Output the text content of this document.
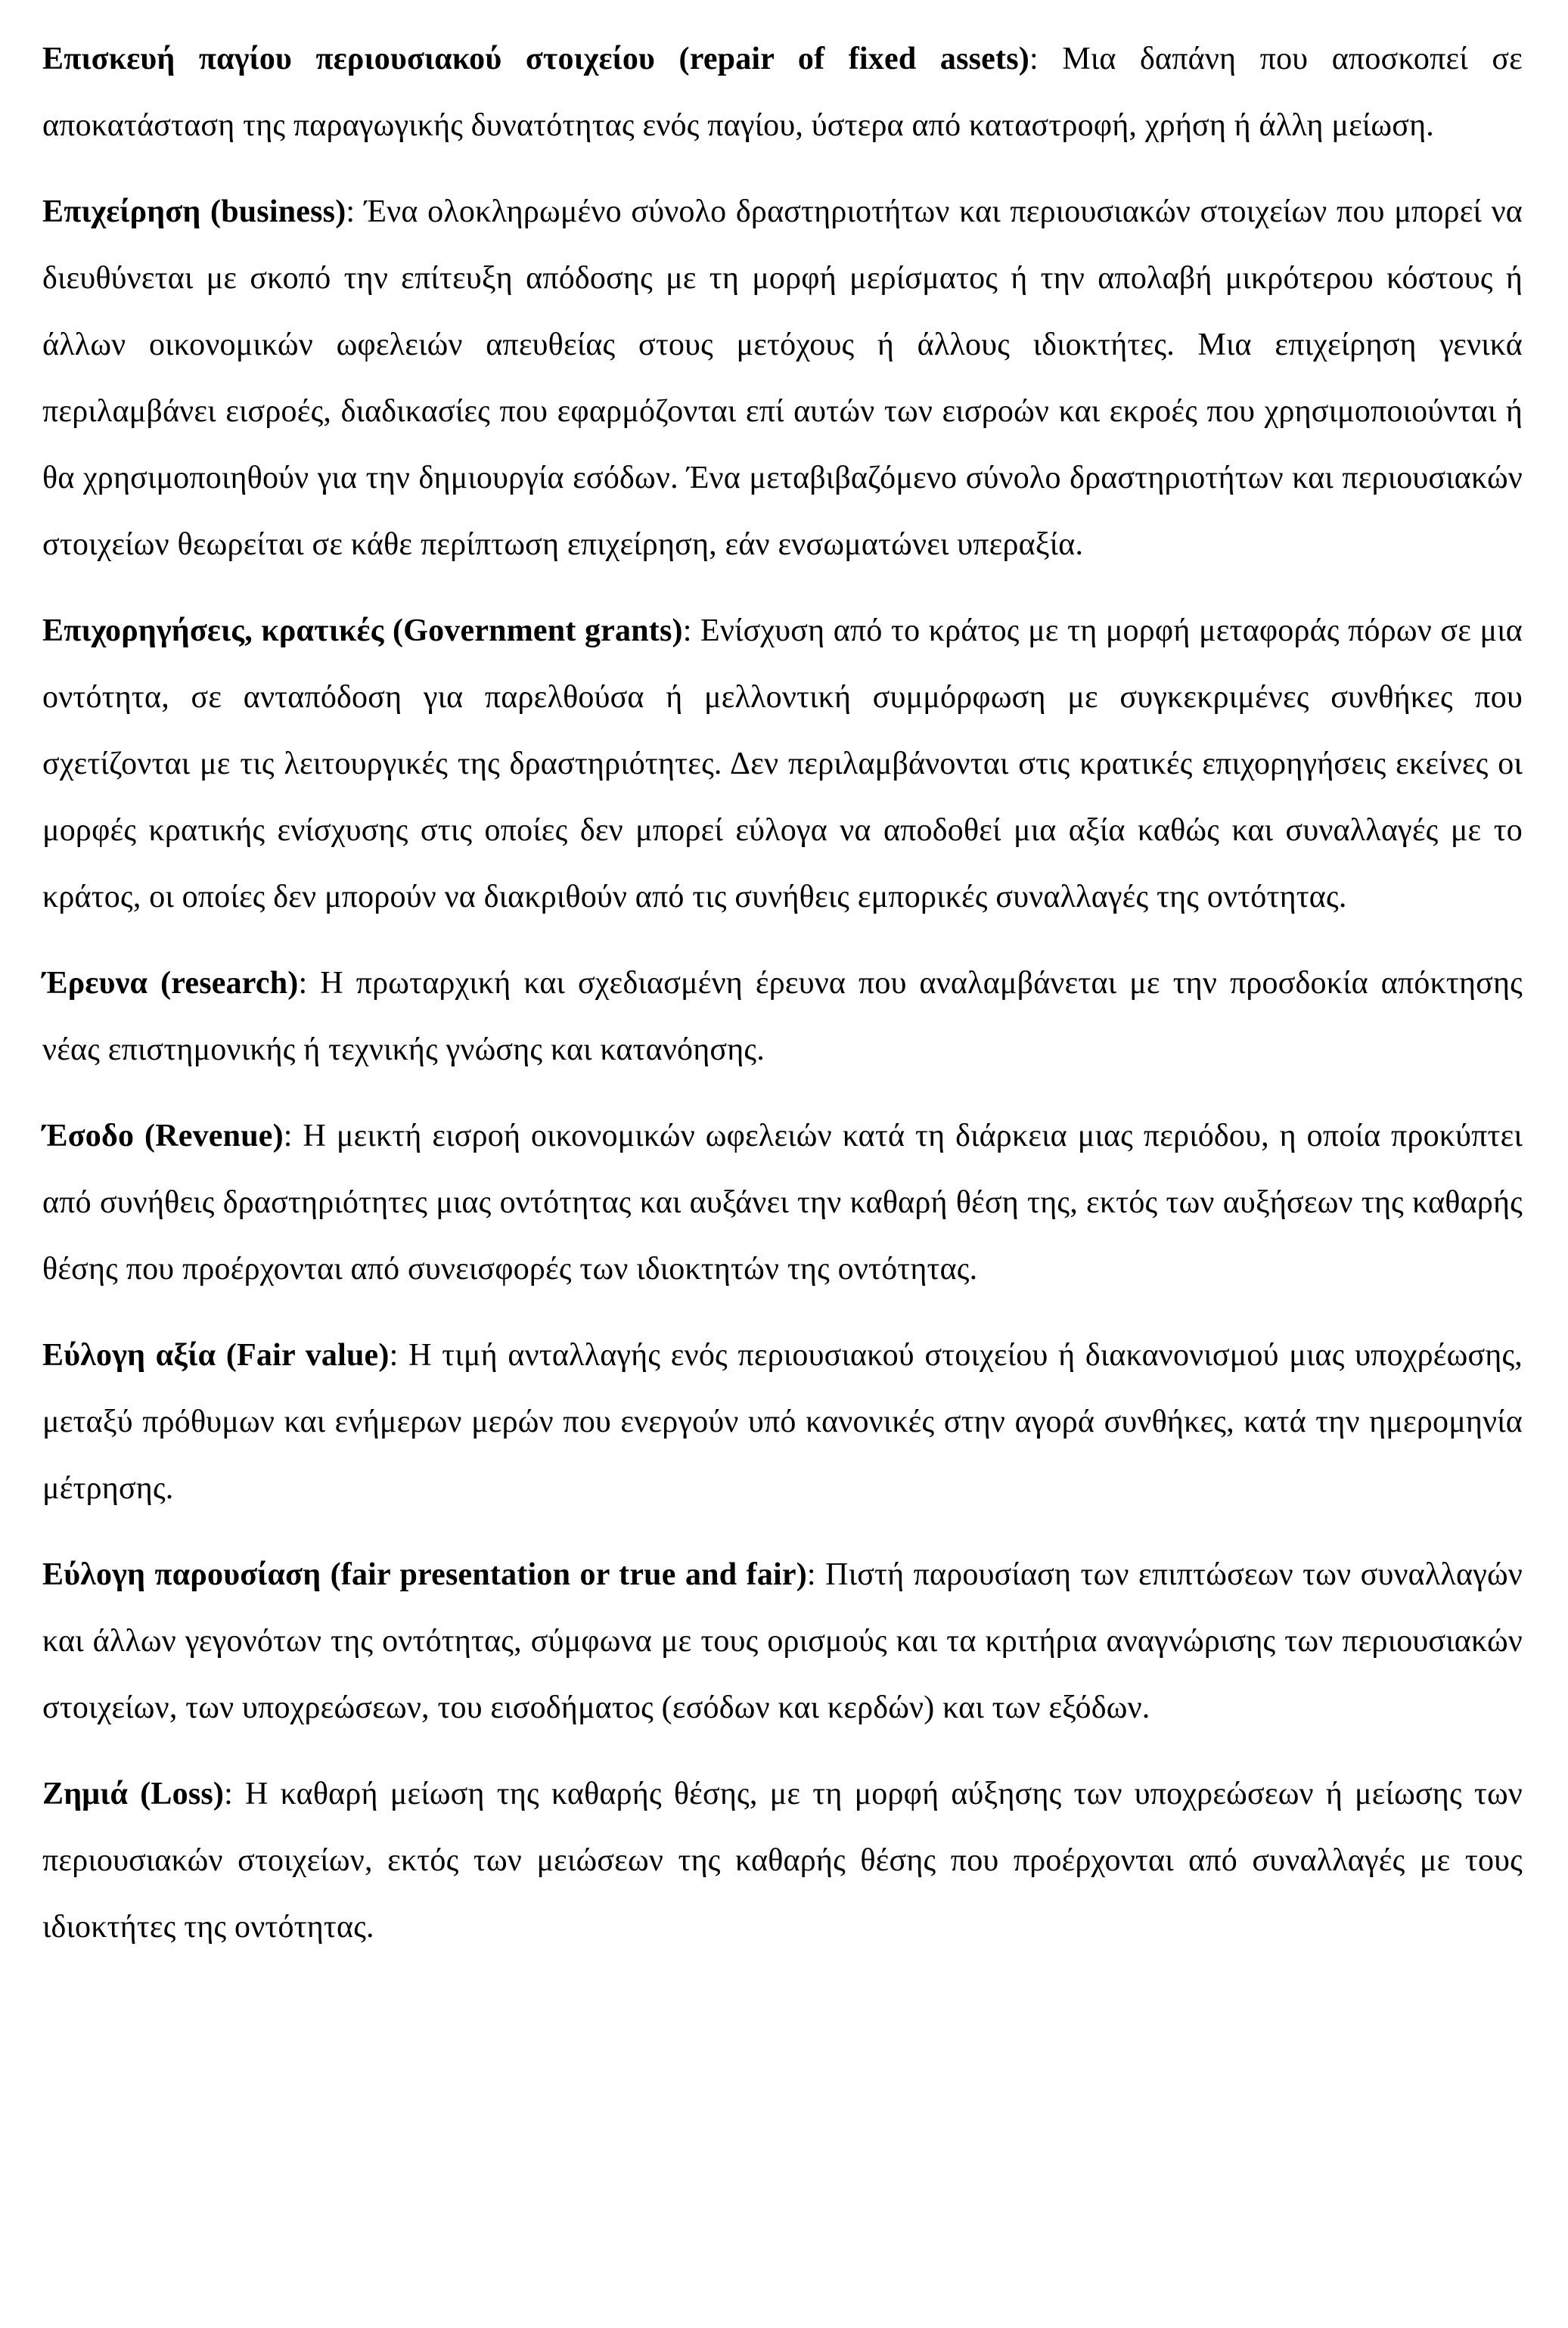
Επισκευή παγίου περιουσιακού στοιχείου (repair of fixed assets): Μια δαπάνη που αποσκοπεί σε αποκατάσταση της παραγωγικής δυνατότητας ενός παγίου, ύστερα από καταστροφή, χρήση ή άλλη μείωση.

Επιχείρηση (business): Ένα ολοκληρωμένο σύνολο δραστηριοτήτων και περιουσιακών στοιχείων που μπορεί να διευθύνεται με σκοπό την επίτευξη απόδοσης με τη μορφή μερίσματος ή την απολαβή μικρότερου κόστους ή άλλων οικονομικών ωφελειών απευθείας στους μετόχους ή άλλους ιδιοκτήτες. Μια επιχείρηση γενικά περιλαμβάνει εισροές, διαδικασίες που εφαρμόζονται επί αυτών των εισροών και εκροές που χρησιμοποιούνται ή θα χρησιμοποιηθούν για την δημιουργία εσόδων. Ένα μεταβιβαζόμενο σύνολο δραστηριοτήτων και περιουσιακών στοιχείων θεωρείται σε κάθε περίπτωση επιχείρηση, εάν ενσωματώνει υπεραξία.

Επιχορηγήσεις, κρατικές (Government grants): Ενίσχυση από το κράτος με τη μορφή μεταφοράς πόρων σε μια οντότητα, σε ανταπόδοση για παρελθούσα ή μελλοντική συμμόρφωση με συγκεκριμένες συνθήκες που σχετίζονται με τις λειτουργικές της δραστηριότητες. Δεν περιλαμβάνονται στις κρατικές επιχορηγήσεις εκείνες οι μορφές κρατικής ενίσχυσης στις οποίες δεν μπορεί εύλογα να αποδοθεί μια αξία καθώς και συναλλαγές με το κράτος, οι οποίες δεν μπορούν να διακριθούν από τις συνήθεις εμπορικές συναλλαγές της οντότητας.

Έρευνα (research): Η πρωταρχική και σχεδιασμένη έρευνα που αναλαμβάνεται με την προσδοκία απόκτησης νέας επιστημονικής ή τεχνικής γνώσης και κατανόησης.

Έσοδο (Revenue): Η μεικτή εισροή οικονομικών ωφελειών κατά τη διάρκεια μιας περιόδου, η οποία προκύπτει από συνήθεις δραστηριότητες μιας οντότητας και αυξάνει την καθαρή θέση της, εκτός των αυξήσεων της καθαρής θέσης που προέρχονται από συνεισφορές των ιδιοκτητών της οντότητας.

Εύλογη αξία (Fair value): Η τιμή ανταλλαγής ενός περιουσιακού στοιχείου ή διακανονισμού μιας υποχρέωσης, μεταξύ πρόθυμων και ενήμερων μερών που ενεργούν υπό κανονικές στην αγορά συνθήκες, κατά την ημερομηνία μέτρησης.

Εύλογη παρουσίαση (fair presentation or true and fair): Πιστή παρουσίαση των επιπτώσεων των συναλλαγών και άλλων γεγονότων της οντότητας, σύμφωνα με τους ορισμούς και τα κριτήρια αναγνώρισης των περιουσιακών στοιχείων, των υποχρεώσεων, του εισοδήματος (εσόδων και κερδών) και των εξόδων.

Ζημιά (Loss): Η καθαρή μείωση της καθαρής θέσης, με τη μορφή αύξησης των υποχρεώσεων ή μείωσης των περιουσιακών στοιχείων, εκτός των μειώσεων της καθαρής θέσης που προέρχονται από συναλλαγές με τους ιδιοκτήτες της οντότητας.
